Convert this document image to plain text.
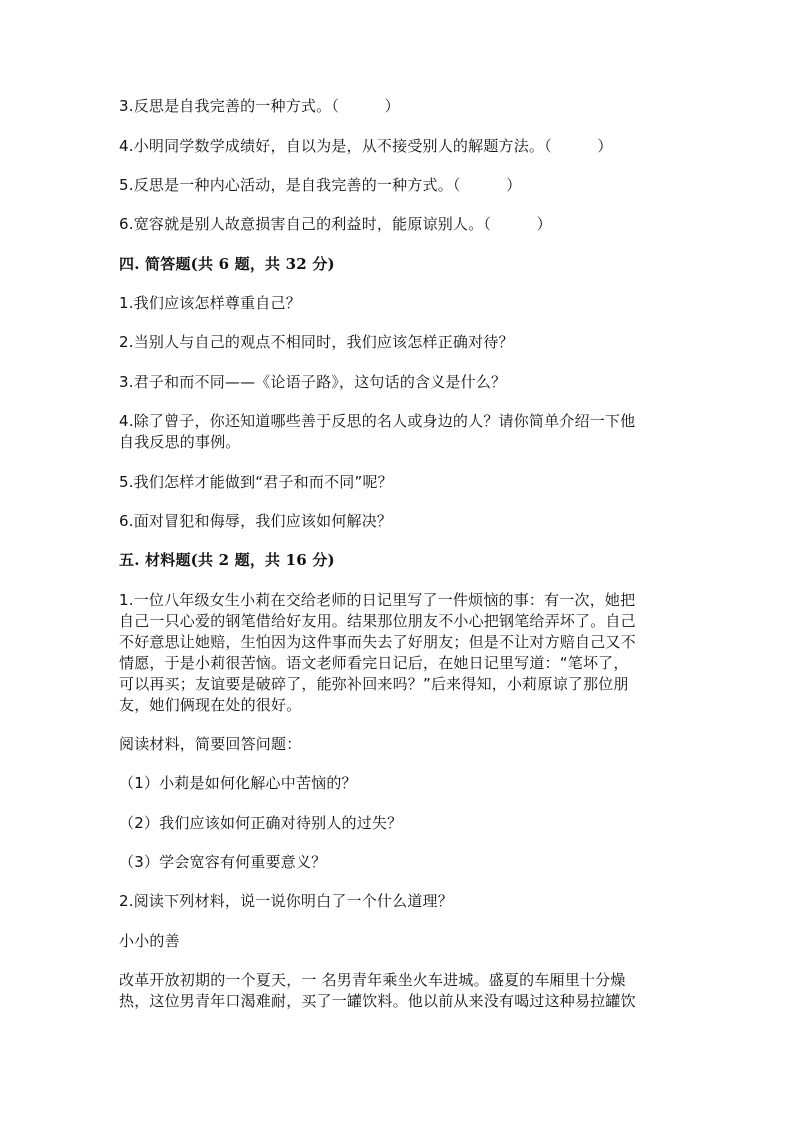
3.反思是自我完善的一种方式。（　　　）
4.小明同学数学成绩好，自以为是，从不接受别人的解题方法。（　　　）
5.反思是一种内心活动，是自我完善的一种方式。（　　　）
6.宽容就是别人故意损害自己的利益时，能原谅别人。（　　　）
四. 简答题(共 6 题，共 32 分)
1.我们应该怎样尊重自己？
2.当别人与自己的观点不相同时，我们应该怎样正确对待？
3.君子和而不同——《论语子路》，这句话的含义是什么？
4.除了曾子，你还知道哪些善于反思的名人或身边的人？请你简单介绍一下他
自我反思的事例。
5.我们怎样才能做到“君子和而不同”呢？
6.面对冒犯和侮辱，我们应该如何解决？
五. 材料题(共 2 题，共 16 分)
1.一位八年级女生小莉在交给老师的日记里写了一件烦恼的事：有一次，她把
自己一只心爱的钢笔借给好友用。结果那位朋友不小心把钢笔给弄坏了。自己
不好意思让她赔，生怕因为这件事而失去了好朋友；但是不让对方赔自己又不
情愿，于是小莉很苦恼。语文老师看完日记后，在她日记里写道：“笔坏了，
可以再买；友谊要是破碎了，能弥补回来吗？”后来得知，小莉原谅了那位朋
友，她们俩现在处的很好。
阅读材料，简要回答问题：
（1）小莉是如何化解心中苦恼的？
（2）我们应该如何正确对待别人的过失？
（3）学会宽容有何重要意义？
2.阅读下列材料，说一说你明白了一个什么道理？
小小的善
改革开放初期的一个夏天，一 名男青年乘坐火车进城。盛夏的车厢里十分燥
热，这位男青年口渴难耐，买了一罐饮料。他以前从来没有喝过这种易拉罐饮
